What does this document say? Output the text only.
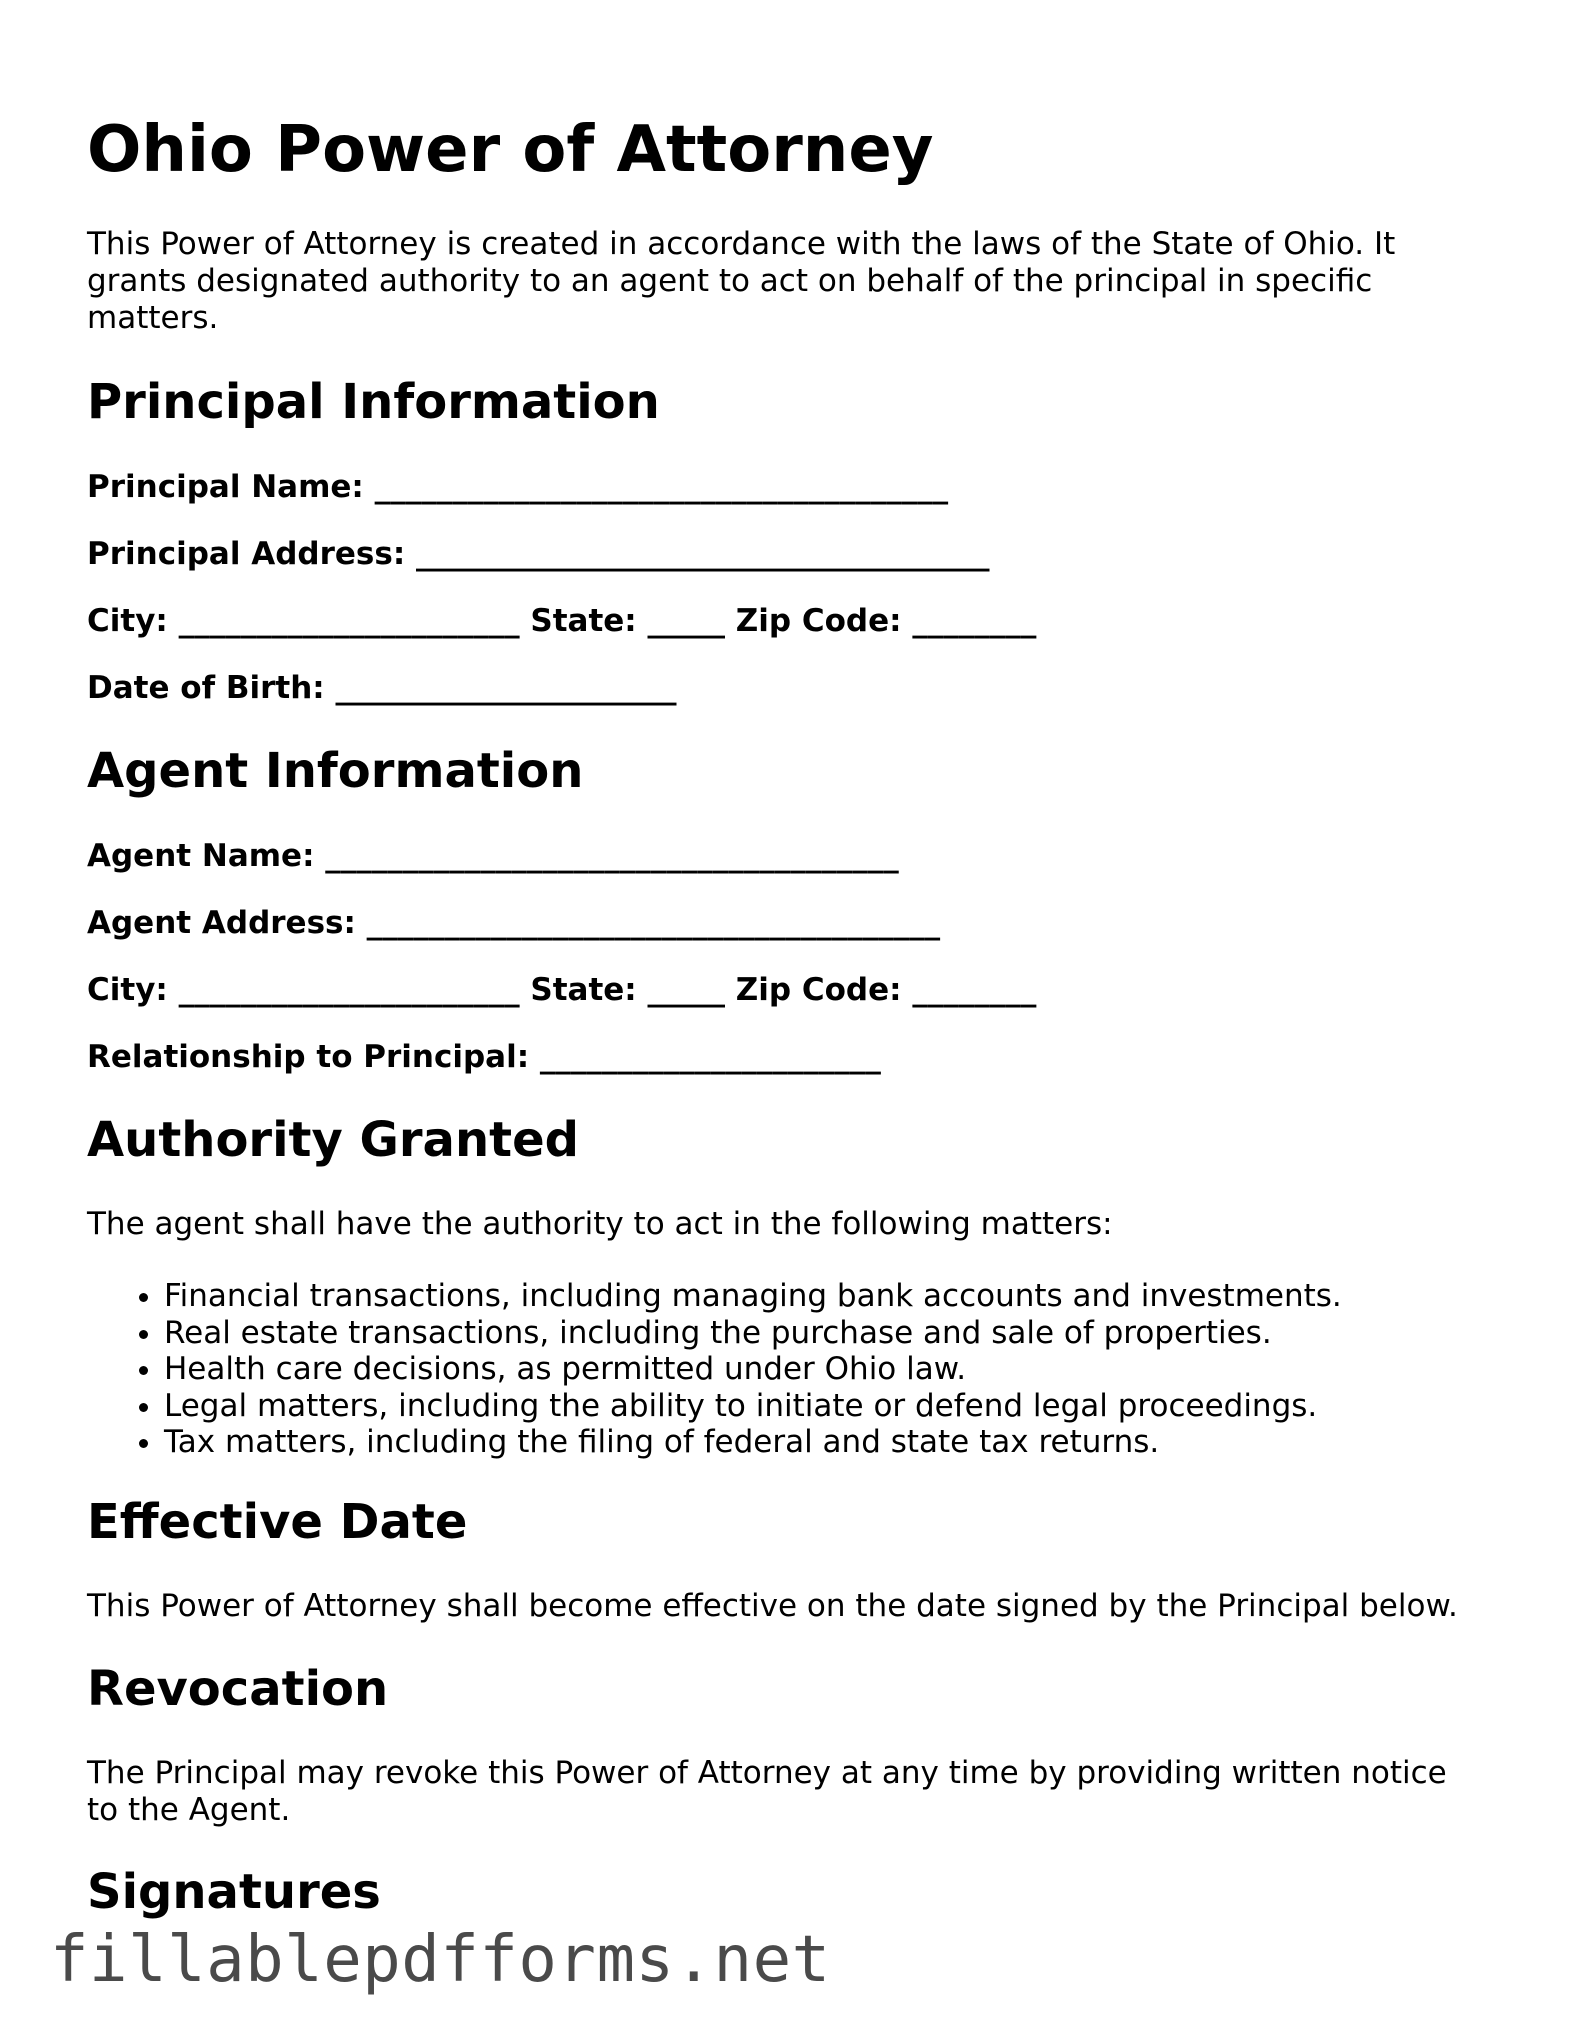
Ohio Power of Attorney

This Power of Attorney is created in accordance with the laws of the State of Ohio. It grants designated authority to an agent to act on behalf of the principal in specific matters.

Principal Information

Principal Name: _____________________________________

Principal Address: _____________________________________

City: ______________________ State: _____ Zip Code: ________

Date of Birth: ______________________

Agent Information

Agent Name: _____________________________________

Agent Address: _____________________________________

City: ______________________ State: _____ Zip Code: ________

Relationship to Principal: ______________________

Authority Granted

The agent shall have the authority to act in the following matters:

• Financial transactions, including managing bank accounts and investments.
• Real estate transactions, including the purchase and sale of properties.
• Health care decisions, as permitted under Ohio law.
• Legal matters, including the ability to initiate or defend legal proceedings.
• Tax matters, including the filing of federal and state tax returns.
Effective Date

This Power of Attorney shall become effective on the date signed by the Principal below.

Revocation

The Principal may revoke this Power of Attorney at any time by providing written notice to the Agent.

Signatures

fillablepdfforms.net
